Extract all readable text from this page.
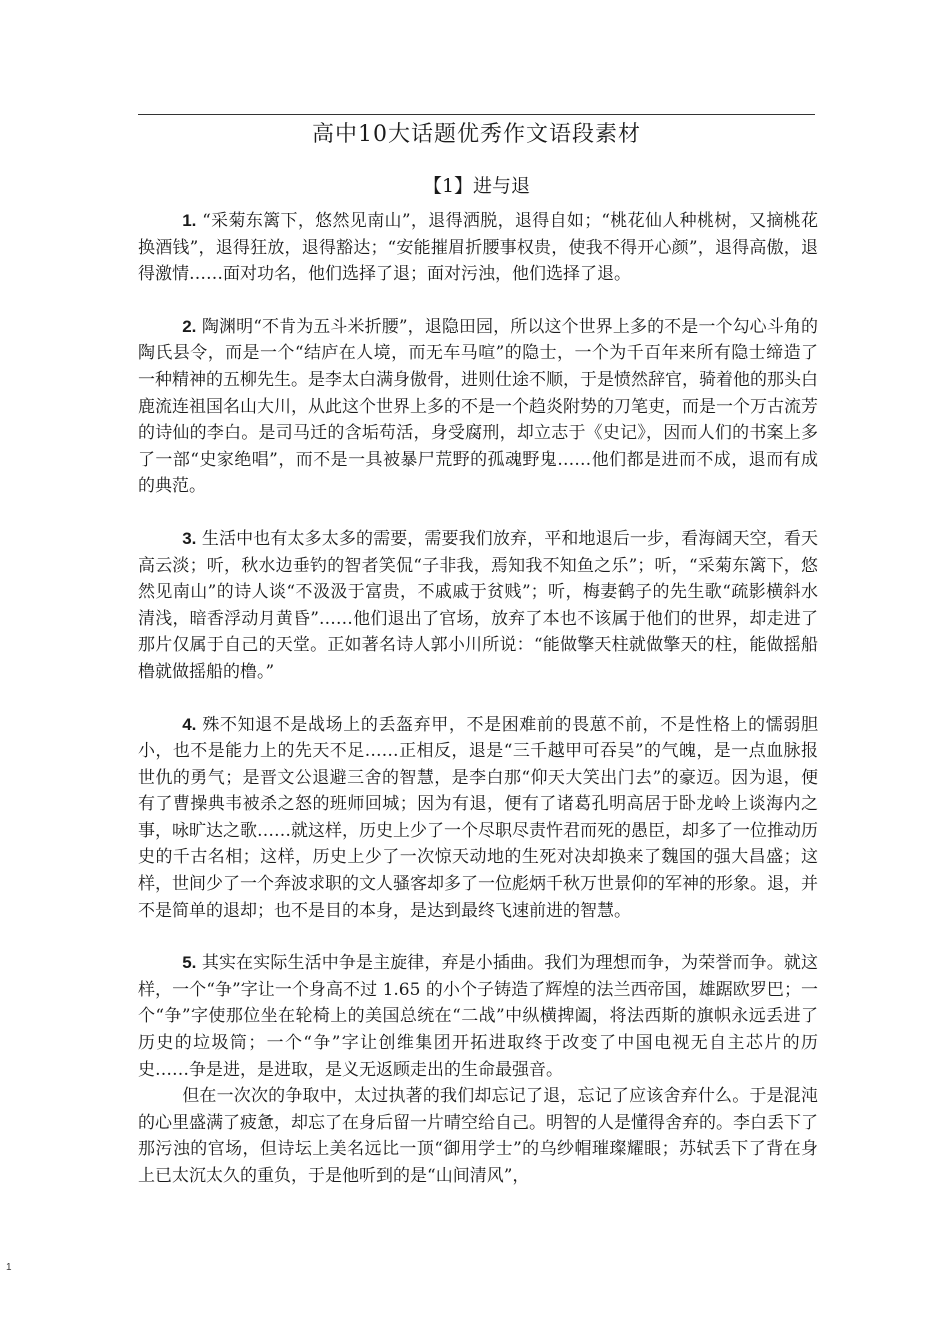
高中10大话题优秀作文语段素材
【1】进与退

1. “采菊东篱下，悠然见南山”，退得洒脱，退得自如；“桃花仙人种桃树，又摘桃花换酒钱”，退得狂放，退得豁达；“安能摧眉折腰事权贵，使我不得开心颜”，退得高傲，退得激情……面对功名，他们选择了退；面对污浊，他们选择了退。

2. 陶渊明“不肯为五斗米折腰”，退隐田园，所以这个世界上多的不是一个勾心斗角的陶氏县令，而是一个“结庐在人境，而无车马喧”的隐士，一个为千百年来所有隐士缔造了一种精神的五柳先生。是李太白满身傲骨，进则仕途不顺，于是愤然辞官，骑着他的那头白鹿流连祖国名山大川，从此这个世界上多的不是一个趋炎附势的刀笔吏，而是一个万古流芳的诗仙的李白。是司马迁的含垢苟活，身受腐刑，却立志于《史记》，因而人们的书案上多了一部“史家绝唱”，而不是一具被暴尸荒野的孤魂野鬼……他们都是进而不成，退而有成的典范。

3. 生活中也有太多太多的需要，需要我们放弃，平和地退后一步，看海阔天空，看天高云淡；听，秋水边垂钓的智者笑侃“子非我，焉知我不知鱼之乐”；听，“采菊东篱下，悠然见南山”的诗人谈“不汲汲于富贵，不戚戚于贫贱”；听，梅妻鹤子的先生歌“疏影横斜水清浅，暗香浮动月黄昏”……他们退出了官场，放弃了本也不该属于他们的世界，却走进了那片仅属于自己的天堂。正如著名诗人郭小川所说：“能做擎天柱就做擎天的柱，能做摇船橹就做摇船的橹。”

4. 殊不知退不是战场上的丢盔弃甲，不是困难前的畏葸不前，不是性格上的懦弱胆小，也不是能力上的先天不足……正相反，退是“三千越甲可吞吴”的气魄，是一点血脉报世仇的勇气；是晋文公退避三舍的智慧，是李白那“仰天大笑出门去”的豪迈。因为退，便有了曹操典韦被杀之怒的班师回城；因为有退，便有了诸葛孔明高居于卧龙岭上谈海内之事，咏旷达之歌……就这样，历史上少了一个尽职尽责忤君而死的愚臣，却多了一位推动历史的千古名相；这样，历史上少了一次惊天动地的生死对决却换来了魏国的强大昌盛；这样，世间少了一个奔波求职的文人骚客却多了一位彪炳千秋万世景仰的军神的形象。退，并不是简单的退却；也不是目的本身，是达到最终飞速前进的智慧。

5. 其实在实际生活中争是主旋律，弃是小插曲。我们为理想而争，为荣誉而争。就这样，一个“争”字让一个身高不过 1.65 的小个子铸造了辉煌的法兰西帝国，雄踞欧罗巴；一个“争”字使那位坐在轮椅上的美国总统在“二战”中纵横捭阖，将法西斯的旗帜永远丢进了历史的垃圾筒；一个“争”字让创维集团开拓进取终于改变了中国电视无自主芯片的历史……争是进，是进取，是义无返顾走出的生命最强音。

但在一次次的争取中，太过执著的我们却忘记了退，忘记了应该舍弃什么。于是混沌的心里盛满了疲惫，却忘了在身后留一片晴空给自己。明智的人是懂得舍弃的。李白丢下了那污浊的官场，但诗坛上美名远比一顶“御用学士”的乌纱帽璀璨耀眼；苏轼丢下了背在身上已太沉太久的重负，于是他听到的是“山间清风”，

1
